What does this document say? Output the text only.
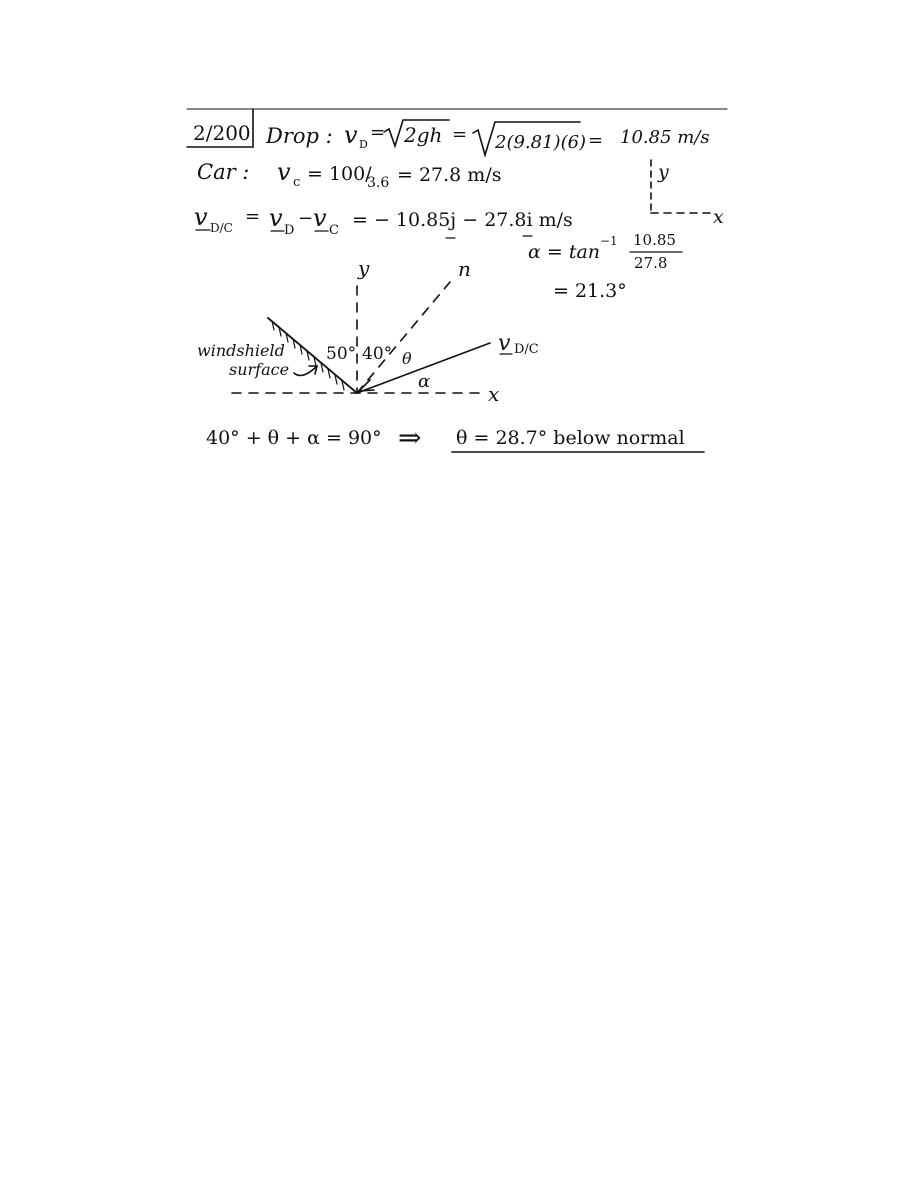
2/200 Drop : v D
= 2gh = 2(9.81)(6) = 10.85 m/s
Car : v c = 100/
3.6 = 27.8 m/s	y
x
v D/C
= v D
− v C = − 10.85j − 27.8i m/s
α = tan −1 10.85
27.8
= 21.3°
x
y	n
v D/C
50° 40° θ
α
windshield
surface
40° + θ + α = 90° ⇒ θ = 28.7° below normal
